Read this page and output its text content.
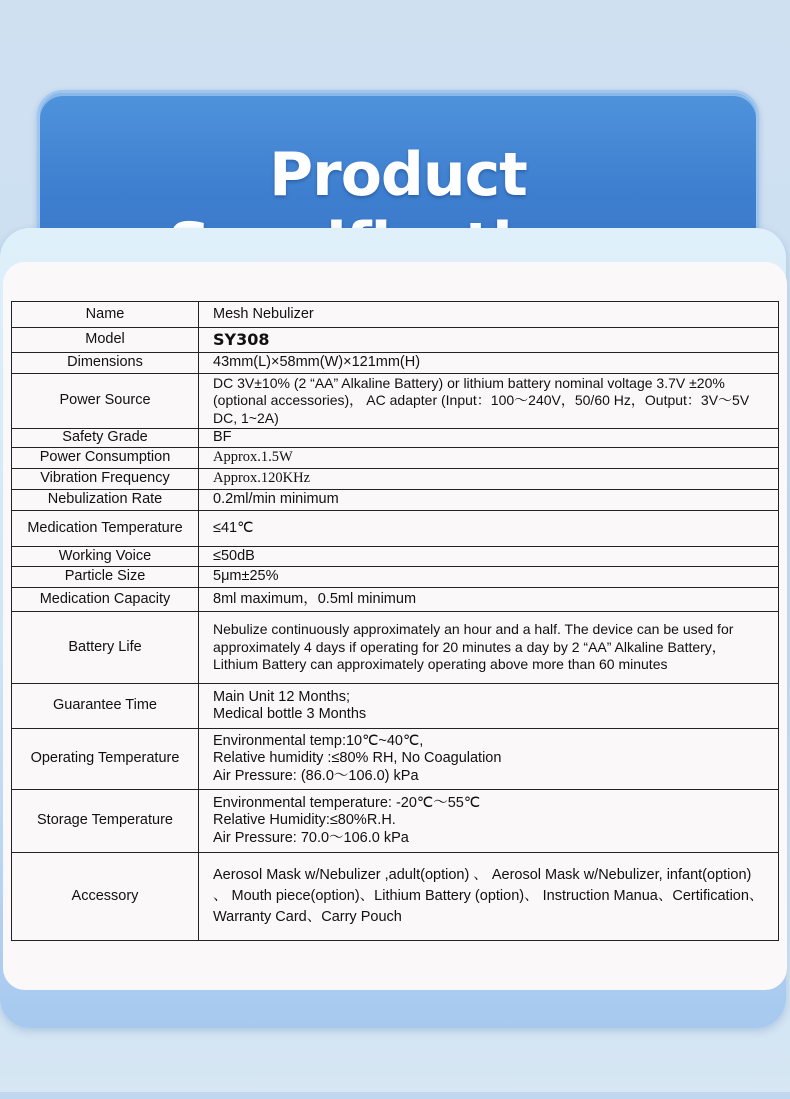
Product
Name	Mesh Nebulizer
Model	SY308
Dimensions	43mm(L)×58mm(W)×121mm(H)
Power Source	DC 3V±10% (2 “AA” Alkaline Battery) or lithium battery nominal voltage 3.7V ±20% (optional accessories)， AC adapter (Input：100～240V，50/60 Hz，Output：3V～5V DC, 1~2A)
Safety Grade	BF
Power Consumption	Approx.1.5W
Vibration Frequency	Approx.120KHz
Nebulization Rate	0.2ml/min minimum
Medication Temperature	≤41℃
Working Voice	≤50dB
Particle Size	5μm±25%
Medication Capacity	8ml maximum，0.5ml minimum
Battery Life	Nebulize continuously approximately an hour and a half. The device can be used for approximately 4 days if operating for 20 minutes a day by 2 “AA” Alkaline Battery， Lithium Battery can approximately operating above more than 60 minutes
Guarantee Time	Main Unit 12 Months;
Medical bottle 3 Months

Operating Temperature	Environmental temp:10℃~40℃,
Relative humidity :≤80% RH, No Coagulation
Air Pressure: (86.0～106.0) kPa

Storage Temperature	Environmental temperature: -20℃～55℃
Relative Humidity:≤80%R.H.
Air Pressure: 70.0～106.0 kPa

Accessory	Aerosol Mask w/Nebulizer ,adult(option) 、 Aerosol Mask w/Nebulizer, infant(option) 、 Mouth piece(option)、Lithium Battery (option)、 Instruction Manua、Certification、Warranty Card、Carry Pouch
